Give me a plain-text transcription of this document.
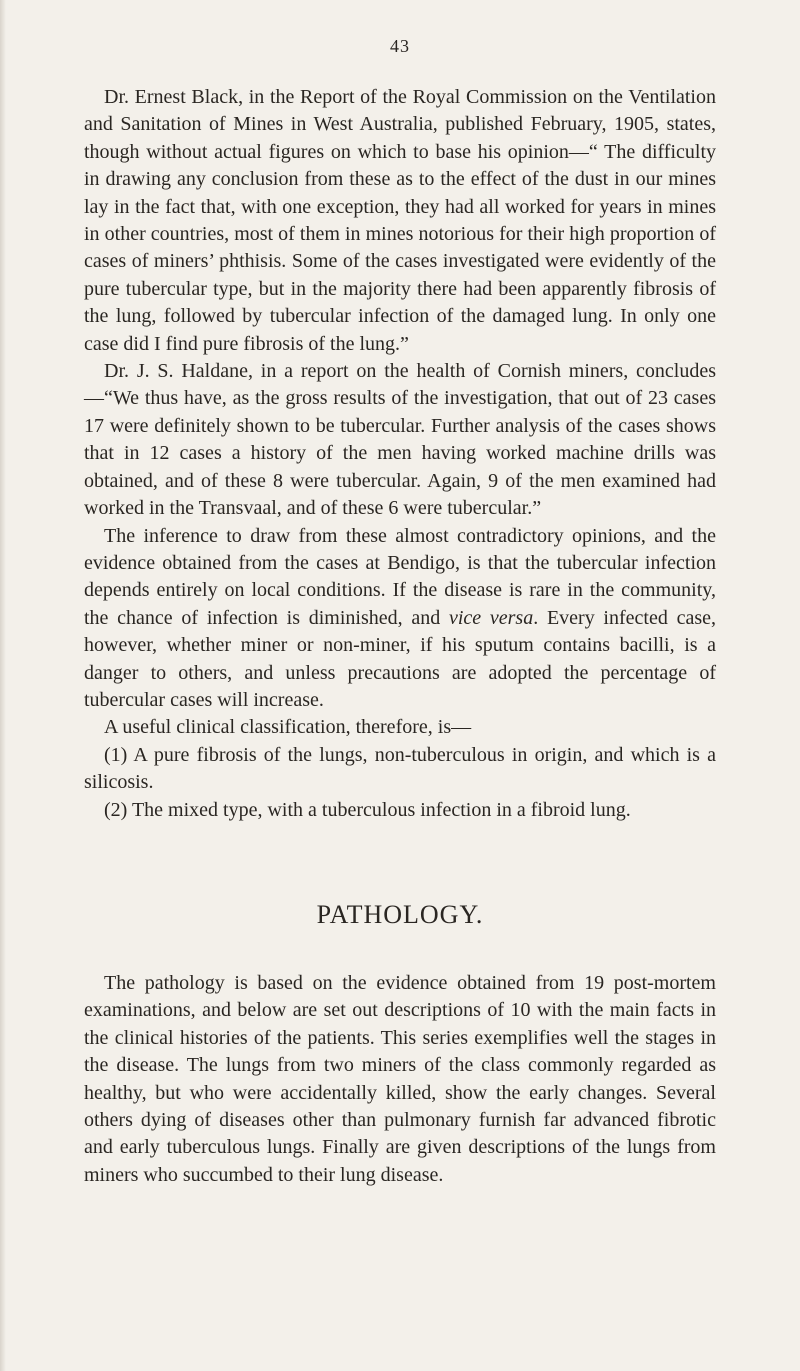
43

Dr. Ernest Black, in the Report of the Royal Commission on the Ventilation and Sanitation of Mines in West Australia, published February, 1905, states, though without actual figures on which to base his opinion—“ The difficulty in drawing any conclusion from these as to the effect of the dust in our mines lay in the fact that, with one exception, they had all worked for years in mines in other countries, most of them in mines notorious for their high proportion of cases of miners’ phthisis. Some of the cases investigated were evidently of the pure tubercular type, but in the majority there had been apparently fibrosis of the lung, followed by tubercular infection of the damaged lung. In only one case did I find pure fibrosis of the lung.”

Dr. J. S. Haldane, in a report on the health of Cornish miners, concludes—“We thus have, as the gross results of the investigation, that out of 23 cases 17 were definitely shown to be tubercular. Further analysis of the cases shows that in 12 cases a history of the men having worked machine drills was obtained, and of these 8 were tubercular. Again, 9 of the men examined had worked in the Transvaal, and of these 6 were tubercular.”

The inference to draw from these almost contradictory opinions, and the evidence obtained from the cases at Bendigo, is that the tubercular infection depends entirely on local conditions. If the disease is rare in the community, the chance of infection is diminished, and vice versa. Every infected case, however, whether miner or non-miner, if his sputum contains bacilli, is a danger to others, and unless precautions are adopted the percentage of tubercular cases will increase.

A useful clinical classification, therefore, is—

(1) A pure fibrosis of the lungs, non-tuberculous in origin, and which is a silicosis.

(2) The mixed type, with a tuberculous infection in a fibroid lung.

PATHOLOGY.

The pathology is based on the evidence obtained from 19 post-mortem examinations, and below are set out descriptions of 10 with the main facts in the clinical histories of the patients. This series exemplifies well the stages in the disease. The lungs from two miners of the class commonly regarded as healthy, but who were accidentally killed, show the early changes. Several others dying of diseases other than pulmonary furnish far advanced fibrotic and early tuberculous lungs. Finally are given descriptions of the lungs from miners who succumbed to their lung disease.
